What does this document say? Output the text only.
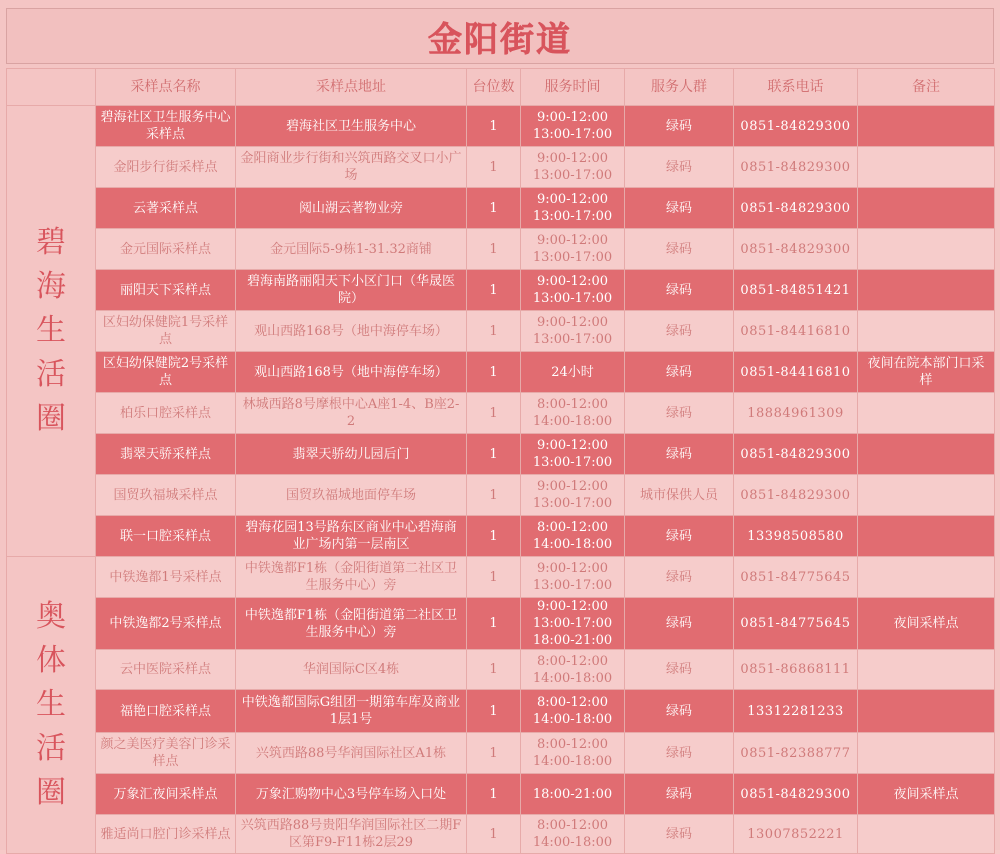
金阳街道
	采样点名称	采样点地址	台位数	服务时间	服务人群	联系电话	备注
碧
海
生
活
圈	碧海社区卫生服务中心采样点	碧海社区卫生服务中心	1	9:00-12:00 13:00-17:00	绿码	0851-84829300	
	金阳步行街采样点	金阳商业步行街和兴筑西路交叉口小广场	1	9:00-12:00 13:00-17:00	绿码	0851-84829300	
	云著采样点	阅山湖云著物业旁	1	9:00-12:00 13:00-17:00	绿码	0851-84829300	
	金元国际采样点	金元国际5-9栋1-31.32商铺	1	9:00-12:00 13:00-17:00	绿码	0851-84829300	
	丽阳天下采样点	碧海南路丽阳天下小区门口（华晟医院）	1	9:00-12:00 13:00-17:00	绿码	0851-84851421	
	区妇幼保健院1号采样点	观山西路168号（地中海停车场）	1	9:00-12:00 13:00-17:00	绿码	0851-84416810	
	区妇幼保健院2号采样点	观山西路168号（地中海停车场）	1	24小时	绿码	0851-84416810	夜间在院本部门口采样
	柏乐口腔采样点	林城西路8号摩根中心A座1-4、B座2-2	1	8:00-12:00 14:00-18:00	绿码	18884961309	
	翡翠天骄采样点	翡翠天骄幼儿园后门	1	9:00-12:00 13:00-17:00	绿码	0851-84829300	
	国贸玖福城采样点	国贸玖福城地面停车场	1	9:00-12:00 13:00-17:00	城市保供人员	0851-84829300	
	联一口腔采样点	碧海花园13号路东区商业中心碧海商业广场内第一层南区	1	8:00-12:00 14:00-18:00	绿码	13398508580	
奥
体
生
活
圈	中铁逸都1号采样点	中铁逸都F1栋（金阳街道第二社区卫生服务中心）旁	1	9:00-12:00 13:00-17:00	绿码	0851-84775645	
	中铁逸都2号采样点	中铁逸都F1栋（金阳街道第二社区卫生服务中心）旁	1	9:00-12:00 13:00-17:00 18:00-21:00	绿码	0851-84775645	夜间采样点
	云中医院采样点	华润国际C区4栋	1	8:00-12:00 14:00-18:00	绿码	0851-86868111	
	福艳口腔采样点	中铁逸都国际G组团一期第车库及商业1层1号	1	8:00-12:00 14:00-18:00	绿码	13312281233	
	颜之美医疗美容门诊采样点	兴筑西路88号华润国际社区A1栋	1	8:00-12:00 14:00-18:00	绿码	0851-82388777	
	万象汇夜间采样点	万象汇购物中心3号停车场入口处	1	18:00-21:00	绿码	0851-84829300	夜间采样点
	雅适尚口腔门诊采样点	兴筑西路88号贵阳华润国际社区二期F区第F9-F11栋2层29	1	8:00-12:00 14:00-18:00	绿码	13007852221	
